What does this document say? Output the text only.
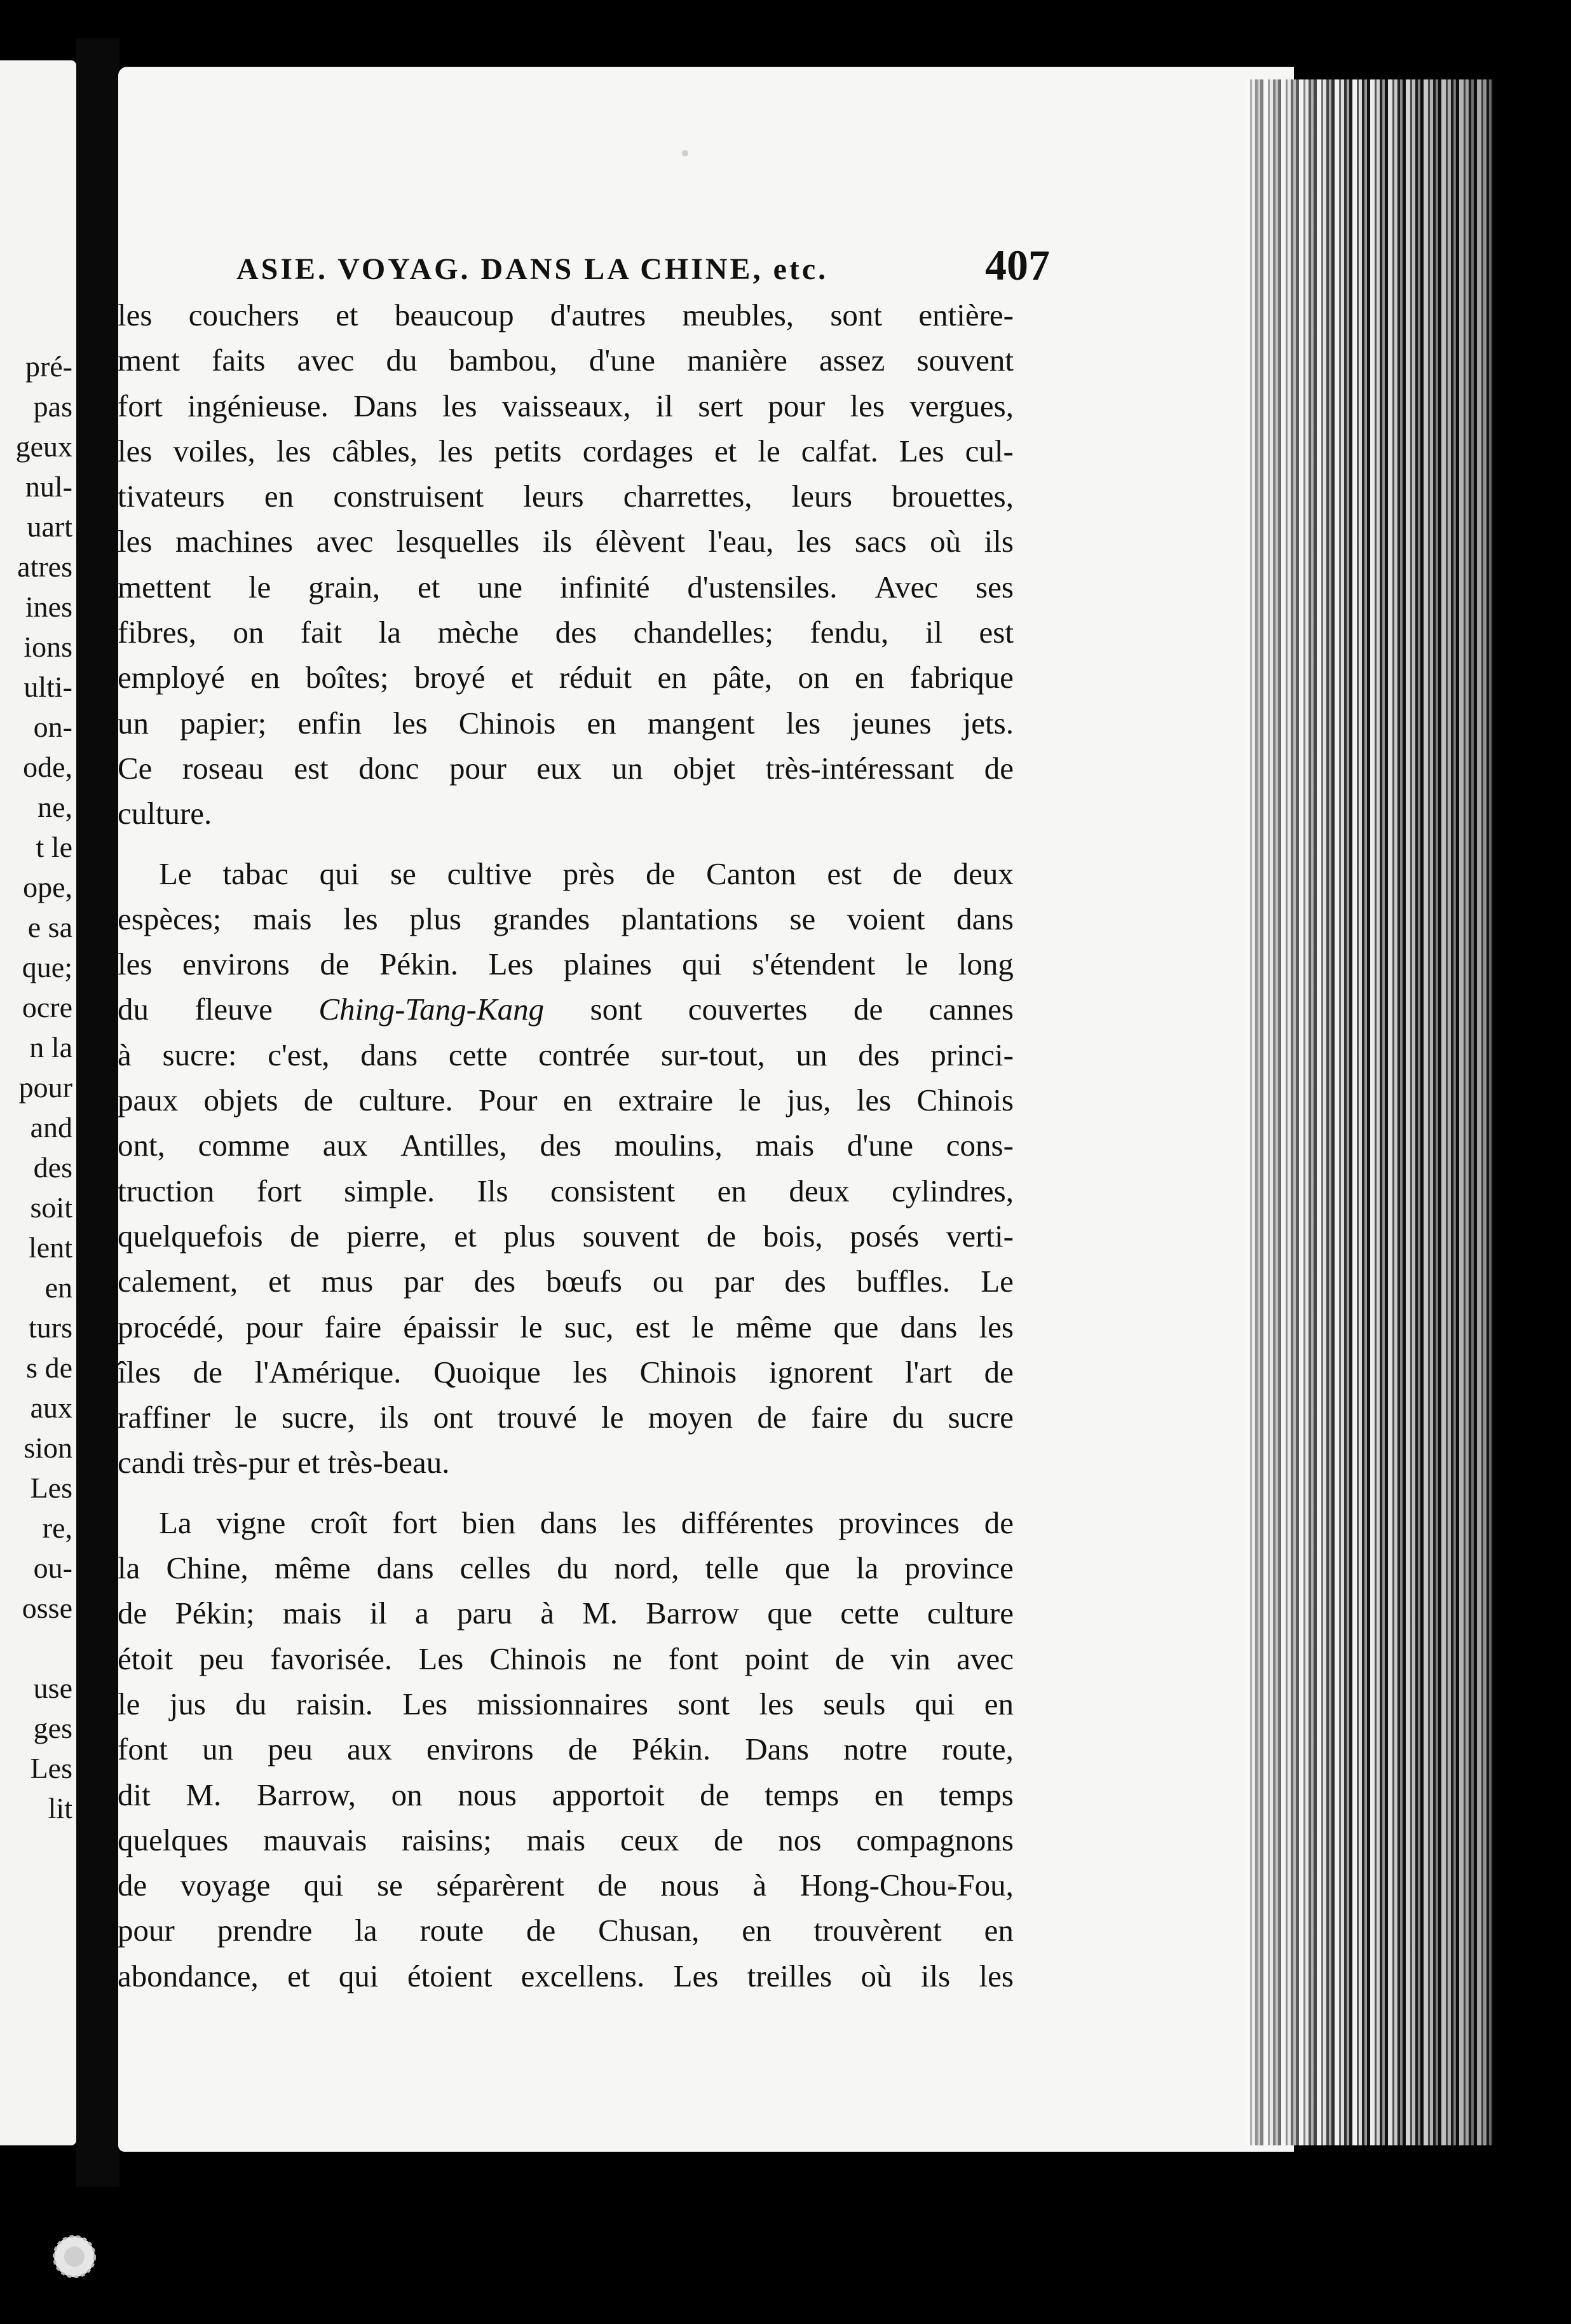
pré-
pas
geux
nul-
uart
atres
ines
ions
ulti-
on-
ode,
ne,
t le
ope,
e sa
que;
ocre
n la
pour
and
des
soit
lent
en
turs
s de
aux
sion
Les
re,
ou-
osse

use
ges
Les
lit
ASIE. VOYAG. DANS LA CHINE, etc.	407
les couchers et beaucoup d'autres meubles, sont entière-
ment faits avec du bambou, d'une manière assez souvent
fort ingénieuse. Dans les vaisseaux, il sert pour les vergues,
les voiles, les câbles, les petits cordages et le calfat. Les cul-
tivateurs en construisent leurs charrettes, leurs brouettes,
les machines avec lesquelles ils élèvent l'eau, les sacs où ils
mettent le grain, et une infinité d'ustensiles. Avec ses
fibres, on fait la mèche des chandelles; fendu, il est
employé en boîtes; broyé et réduit en pâte, on en fabrique
un papier; enfin les Chinois en mangent les jeunes jets.
Ce roseau est donc pour eux un objet très-intéressant de
culture.
Le tabac qui se cultive près de Canton est de deux
espèces; mais les plus grandes plantations se voient dans
les environs de Pékin. Les plaines qui s'étendent le long
du fleuve Ching-Tang-Kang sont couvertes de cannes
à sucre: c'est, dans cette contrée sur-tout, un des princi-
paux objets de culture. Pour en extraire le jus, les Chinois
ont, comme aux Antilles, des moulins, mais d'une cons-
truction fort simple. Ils consistent en deux cylindres,
quelquefois de pierre, et plus souvent de bois, posés verti-
calement, et mus par des bœufs ou par des buffles. Le
procédé, pour faire épaissir le suc, est le même que dans les
îles de l'Amérique. Quoique les Chinois ignorent l'art de
raffiner le sucre, ils ont trouvé le moyen de faire du sucre
candi très-pur et très-beau.
La vigne croît fort bien dans les différentes provinces de
la Chine, même dans celles du nord, telle que la province
de Pékin; mais il a paru à M. Barrow que cette culture
étoit peu favorisée. Les Chinois ne font point de vin avec
le jus du raisin. Les missionnaires sont les seuls qui en
font un peu aux environs de Pékin. Dans notre route,
dit M. Barrow, on nous apportoit de temps en temps
quelques mauvais raisins; mais ceux de nos compagnons
de voyage qui se séparèrent de nous à Hong-Chou-Fou,
pour prendre la route de Chusan, en trouvèrent en
abondance, et qui étoient excellens. Les treilles où ils les
